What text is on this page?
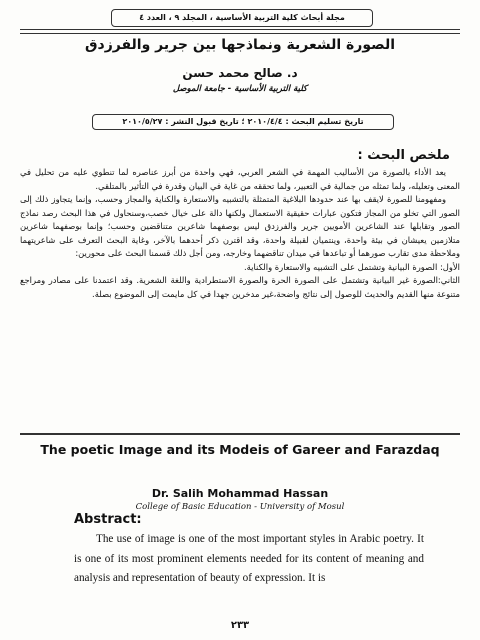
مجلة أبحاث كلية التربية الأساسية ، المجلد ٩ ، العدد ٤
الصورة الشعرية ونماذجها بين جرير والفرزدق
د. صالح محمد حسن
كلية التربية الأساسية - جامعة الموصل
تاريخ تسليم البحث : ٢٠١٠/٤/٤ ؛ تاريخ قبول النشر : ٢٠١٠/٥/٢٧
ملخص البحث :

يعد الأداء بالصورة من الأساليب المهمة في الشعر العربي، فهي واحدة من أبرز عناصره لما تنطوي عليه من تحليل في المعنى وتعليله، ولما تمثله من جمالية في التعبير، ولما تحققه من غاية في البيان وقدرة في التأثير بالمتلقي.

ومفهومنا للصورة لايقف بها عند حدودها البلاغية المتمثلة بالتشبيه والاستعارة والكناية والمجاز وحسب، وإنما يتجاوز ذلك إلى الصور التي تخلو من المجاز فتكون عبارات حقيقية الاستعمال ولكنها دالة على خيال خصب،وسنحاول في هذا البحث رصد نماذج الصور وتقابلها عند الشاعرين الأمويين جرير والفرزدق ليس بوصفهما شاعرين متناقضين وحسب؛ وإنما بوصفهما شاعرين متلازمين يعيشان في بيئة واحدة، وينتميان لقبيلة واحدة، وقد اقترن ذكر أحدهما بالآخر، وغاية البحث التعرف على شاعريتهما وملاحظة مدى تقارب صورهما أو تباعدها في ميدان تناقضهما وخارجه، ومن أجل ذلك قسمنا البحث على محورين:

الأول: الصورة البيانية وتشتمل على التشبيه والاستعارة والكناية.

الثاني:الصورة غير البيانية وتشتمل على الصورة الحرة والصورة الاستطرادية واللغة الشعرية. وقد اعتمدنا على مصادر ومراجع متنوعة منها القديم والحديث للوصول إلى نتائج واضحة،غير مدخرين جهدا في كل مايمت إلى الموضوع بصلة.

The poetic Image and its Modeis of Gareer and Farazdaq
Dr. Salih Mohammad Hassan
College of Basic Education - University of Mosul
Abstract:
The use of image is one of the most important styles in Arabic poetry. It is one of its most prominent elements needed for its content of meaning and analysis and representation of beauty of expression. It is
٢٣٣
